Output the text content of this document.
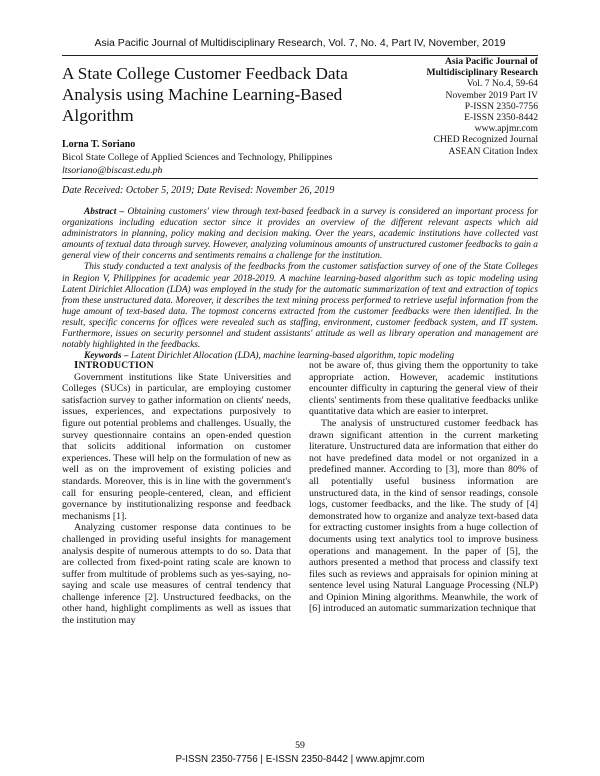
Asia Pacific Journal of Multidisciplinary Research, Vol. 7, No. 4, Part IV, November, 2019
A State College Customer Feedback Data Analysis using Machine Learning-Based Algorithm
Asia Pacific Journal of Multidisciplinary Research
Vol. 7 No.4, 59-64
November 2019 Part IV
P-ISSN 2350-7756
E-ISSN 2350-8442
www.apjmr.com
CHED Recognized Journal
ASEAN Citation Index
Lorna T. Soriano
Bicol State College of Applied Sciences and Technology, Philippines
ltsoriano@biscast.edu.ph
Date Received: October 5, 2019; Date Revised: November 26, 2019

Abstract – Obtaining customers' view through text-based feedback in a survey is considered an important process for organizations including education sector since it provides an overview of the different relevant aspects which aid administrators in planning, policy making and decision making. Over the years, academic institutions have collected vast amounts of textual data through survey. However, analyzing voluminous amounts of unstructured customer feedbacks to gain a general view of their concerns and sentiments remains a challenge for the institution.

This study conducted a text analysis of the feedbacks from the customer satisfaction survey of one of the State Colleges in Region V, Philippines for academic year 2018-2019. A machine learning-based algorithm such as topic modeling using Latent Dirichlet Allocation (LDA) was employed in the study for the automatic summarization of text and extraction of topics from these unstructured data. Moreover, it describes the text mining process performed to retrieve useful information from the huge amount of text-based data. The topmost concerns extracted from the customer feedbacks were then identified. In the result, specific concerns for offices were revealed such as staffing, environment, customer feedback system, and IT system. Furthermore, issues on security personnel and student assistants' attitude as well as library operation and management are notably highlighted in the feedbacks.

Keywords – Latent Dirichlet Allocation (LDA), machine learning-based algorithm, topic modeling

INTRODUCTION

Government institutions like State Universities and Colleges (SUCs) in particular, are employing customer satisfaction survey to gather information on clients' needs, issues, experiences, and expectations purposively to figure out potential problems and challenges. Usually, the survey questionnaire contains an open-ended question that solicits additional information on customer experiences. These will help on the formulation of new as well as on the improvement of existing policies and standards. Moreover, this is in line with the government's call for ensuring people-centered, clean, and efficient governance by institutionalizing response and feedback mechanisms [1].

Analyzing customer response data continues to be challenged in providing useful insights for management analysis despite of numerous attempts to do so. Data that are collected from fixed-point rating scale are known to suffer from multitude of problems such as yes-saying, no-saying and scale use measures of central tendency that challenge inference [2]. Unstructured feedbacks, on the other hand, highlight compliments as well as issues that the institution may

not be aware of, thus giving them the opportunity to take appropriate action. However, academic institutions encounter difficulty in capturing the general view of their clients' sentiments from these qualitative feedbacks unlike quantitative data which are easier to interpret.

The analysis of unstructured customer feedback has drawn significant attention in the current marketing literature. Unstructured data are information that either do not have predefined data model or not organized in a predefined manner. According to [3], more than 80% of all potentially useful business information are unstructured data, in the kind of sensor readings, console logs, customer feedbacks, and the like. The study of [4] demonstrated how to organize and analyze text-based data for extracting customer insights from a huge collection of documents using text analytics tool to improve business operations and management. In the paper of [5], the authors presented a method that process and classify text files such as reviews and appraisals for opinion mining at sentence level using Natural Language Processing (NLP) and Opinion Mining algorithms. Meanwhile, the work of [6] introduced an automatic summarization technique that

59
P-ISSN 2350-7756 | E-ISSN 2350-8442 | www.apjmr.com
